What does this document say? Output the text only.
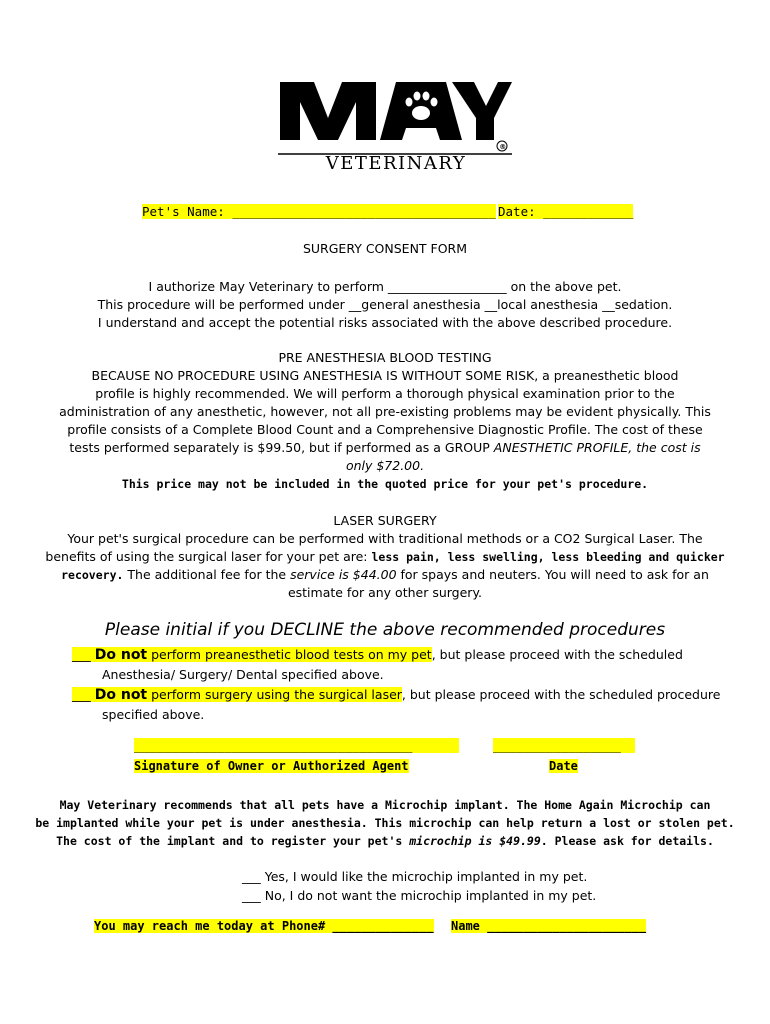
®
VETERINARY
Pet's Name: ___________________________________ Date: ____________
SURGERY CONSENT FORM

I authorize May Veterinary to perform ___________________ on the above pet.

This procedure will be performed under __general anesthesia __local anesthesia __sedation.

I understand and accept the potential risks associated with the above described procedure.

PRE ANESTHESIA BLOOD TESTING

BECAUSE NO PROCEDURE USING ANESTHESIA IS WITHOUT SOME RISK, a preanesthetic blood

profile is highly recommended. We will perform a thorough physical examination prior to the

administration of any anesthetic, however, not all pre-existing problems may be evident physically. This

profile consists of a Complete Blood Count and a Comprehensive Diagnostic Profile. The cost of these

tests performed separately is $99.50, but if performed as a GROUP ANESTHETIC PROFILE, the cost is

only $72.00.

This price may not be included in the quoted price for your pet's procedure.

LASER SURGERY

Your pet's surgical procedure can be performed with traditional methods or a CO2 Surgical Laser. The

benefits of using the surgical laser for your pet are: less pain, less swelling, less bleeding and quicker

recovery. The additional fee for the service is $44.00 for spays and neuters. You will need to ask for an

estimate for any other surgery.

Please initial if you DECLINE the above recommended procedures

___ Do not perform preanesthetic blood tests on my pet, but please proceed with the scheduled

Anesthesia/ Surgery/ Dental specified above.

___ Do not perform surgery using the surgical laser, but please proceed with the scheduled procedure

specified above.

_____________________________________
Signature of Owner or Authorized Agent
_________________
Date

May Veterinary recommends that all pets have a Microchip implant. The Home Again Microchip can

be implanted while your pet is under anesthesia. This microchip can help return a lost or stolen pet.

The cost of the implant and to register your pet's microchip is $49.99. Please ask for details.

___ Yes, I would like the microchip implanted in my pet.

___ No, I do not want the microchip implanted in my pet.

You may reach me today at Phone# ______________ Name ______________________
